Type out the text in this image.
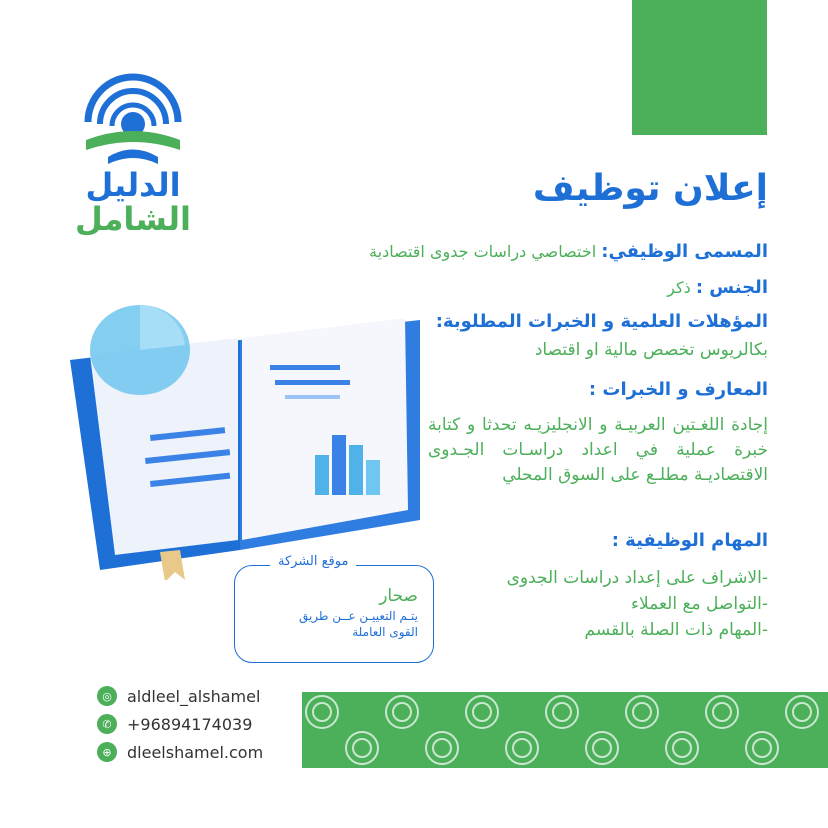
الدليل
الشامل
إعلان توظيف
المسمى الوظيفي: اختصاصي دراسات جدوى اقتصادية
الجنس : ذكر
المؤهلات العلمية و الخبرات المطلوبة:
بكالريوس تخصص مالية او اقتصاد
المعارف و الخبرات :
إجادة اللغـتين العربيـة و الانجليزيـه تحدثا و كتابة خبرة عملية في اعداد دراسـات الجـدوى الاقتصاديـة مطلـع على السوق المحلي
المهام الوظيفية :
-الاشراف على إعداد دراسات الجدوى
-التواصل مع العملاء
-المهام ذات الصلة بالقسم
موقع الشركة
صحار
يتـم التعييـن عــن طريق القوى العاملة
◎ aldleel_alshamel
✆ +96894174039
⊕ dleelshamel.com
